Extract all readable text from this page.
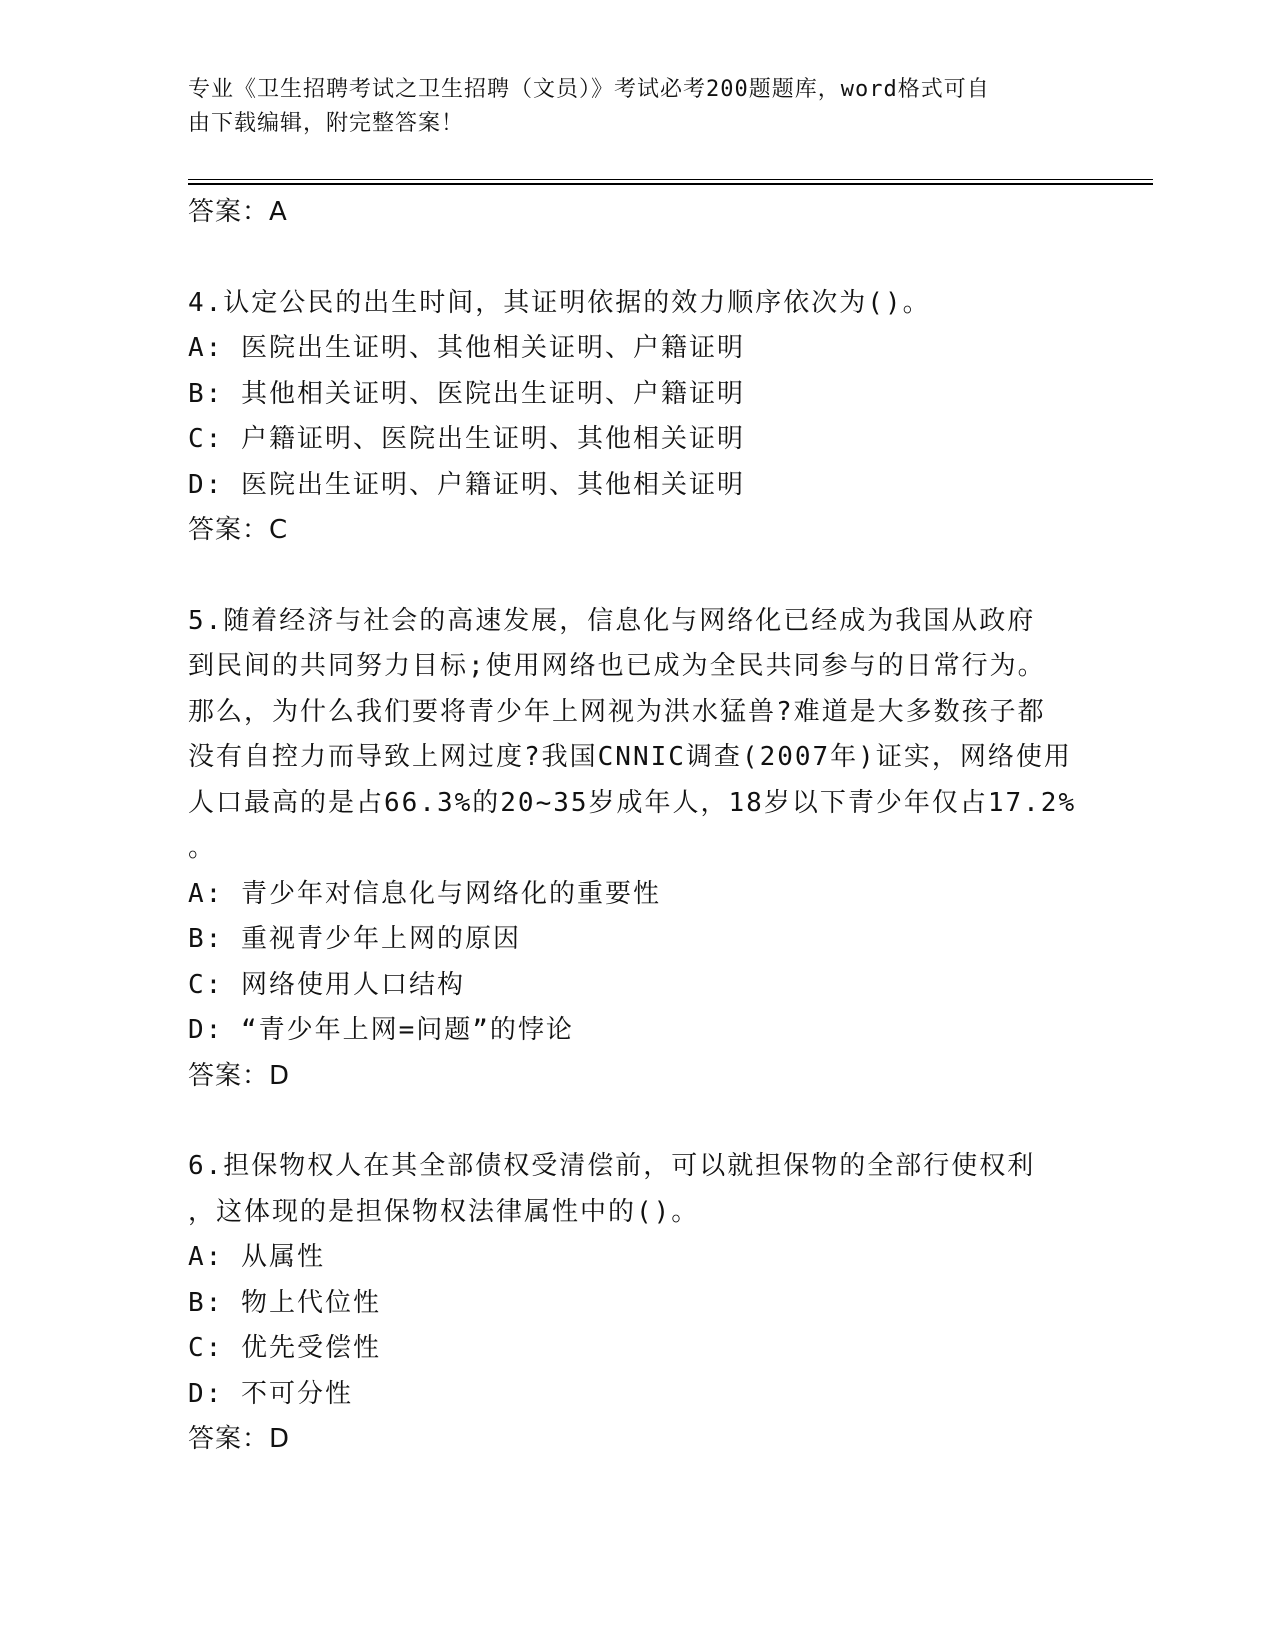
专业《卫生招聘考试之卫生招聘（文员）》考试必考200题题库，word格式可自
由下载编辑，附完整答案！
答案：A
4.认定公民的出生时间，其证明依据的效力顺序依次为()。
A: 医院出生证明、其他相关证明、户籍证明
B: 其他相关证明、医院出生证明、户籍证明
C: 户籍证明、医院出生证明、其他相关证明
D: 医院出生证明、户籍证明、其他相关证明
答案：C
5.随着经济与社会的高速发展，信息化与网络化已经成为我国从政府
到民间的共同努力目标;使用网络也已成为全民共同参与的日常行为。
那么，为什么我们要将青少年上网视为洪水猛兽?难道是大多数孩子都
没有自控力而导致上网过度?我国CNNIC调查(2007年)证实，网络使用
人口最高的是占66.3%的20~35岁成年人，18岁以下青少年仅占17.2%
。
A: 青少年对信息化与网络化的重要性
B: 重视青少年上网的原因
C: 网络使用人口结构
D: “青少年上网=问题”的悖论
答案：D
6.担保物权人在其全部债权受清偿前，可以就担保物的全部行使权利
，这体现的是担保物权法律属性中的()。
A: 从属性
B: 物上代位性
C: 优先受偿性
D: 不可分性
答案：D
